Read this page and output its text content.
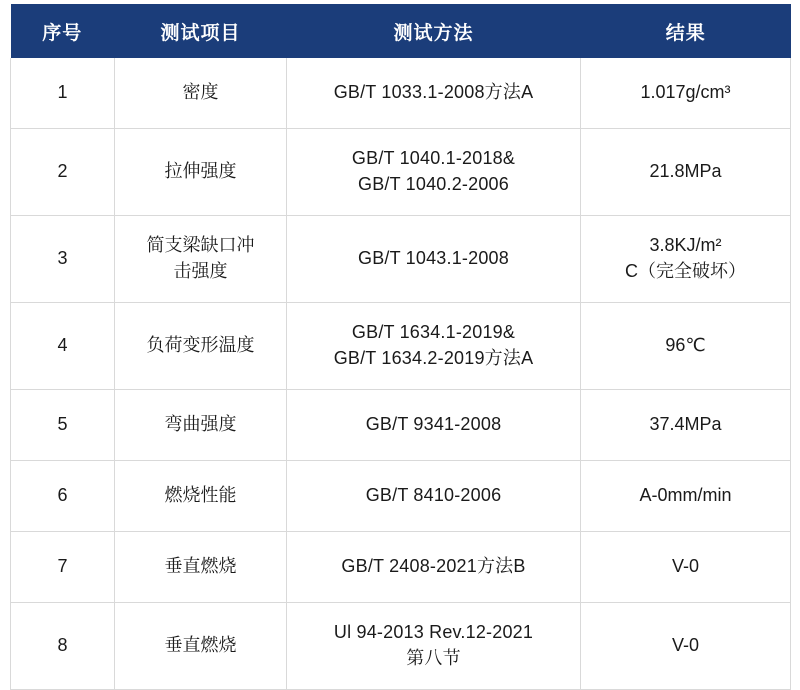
序号	测试项目	测试方法	结果
1	密度	GB/T 1033.1-2008方法A	1.017g/cm³

2	拉伸强度	GB/T 1040.1-2018&
GB/T 1040.2-2006	21.8MPa

3	简支梁缺口冲
击强度	GB/T 1043.1-2008	3.8KJ/m²
C（完全破坏）

4	负荷变形温度	GB/T 1634.1-2019&
GB/T 1634.2-2019方法A	96℃

5	弯曲强度	GB/T 9341-2008	37.4MPa

6	燃烧性能	GB/T 8410-2006	A-0mm/min

7	垂直燃烧	GB/T 2408-2021方法B	V-0

8	垂直燃烧	Ul 94-2013 Rev.12-2021
第八节	V-0
